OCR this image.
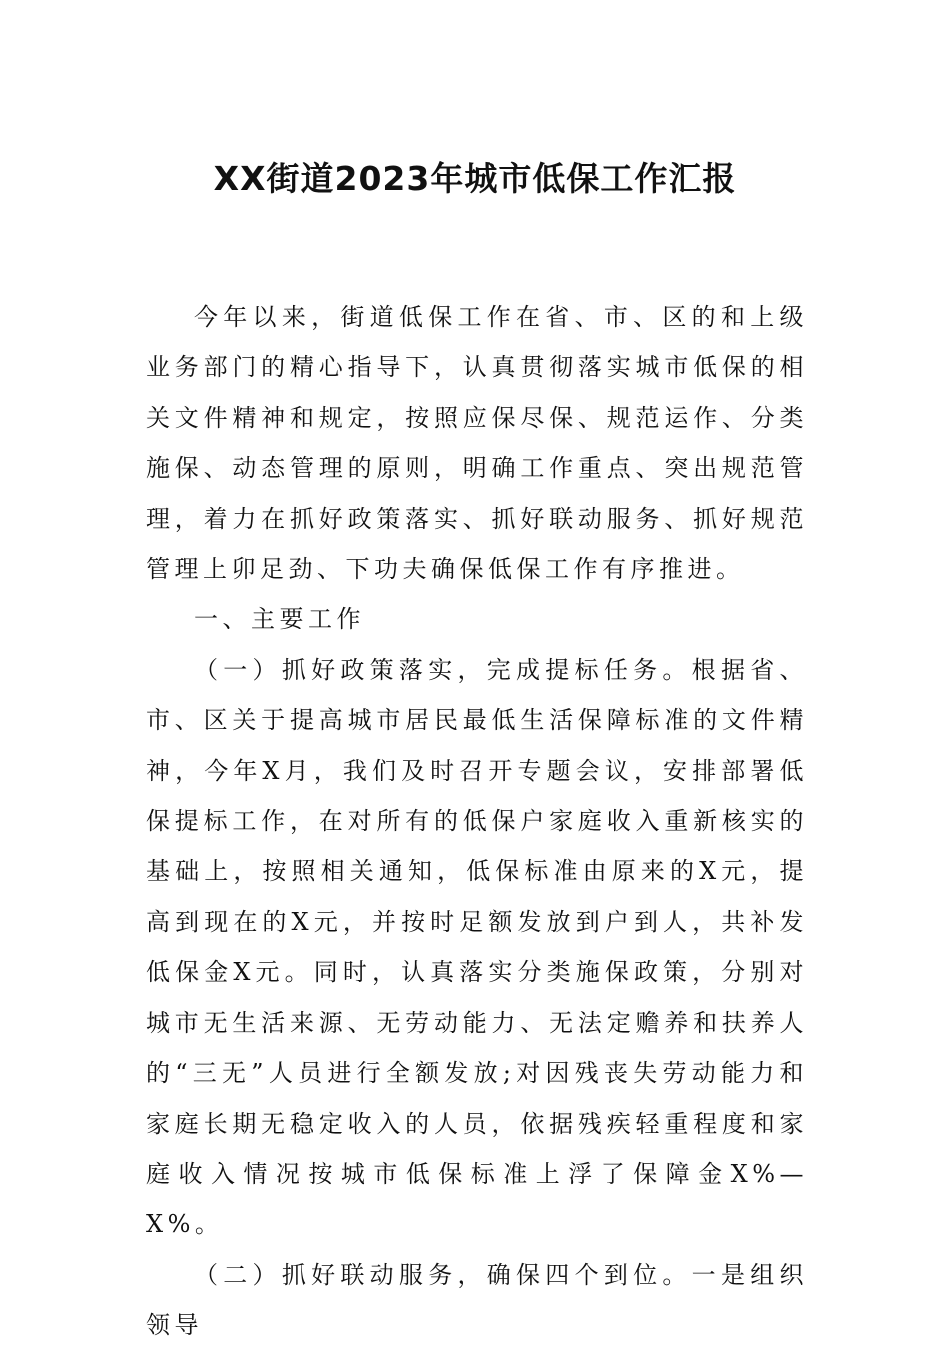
XX街道2023年城市低保工作汇报

今年以来，街道低保工作在省、市、区的和上级业务部门的精心指导下，认真贯彻落实城市低保的相关文件精神和规定，按照应保尽保、规范运作、分类施保、动态管理的原则，明确工作重点、突出规范管理，着力在抓好政策落实、抓好联动服务、抓好规范管理上卯足劲、下功夫确保低保工作有序推进。

一、主要工作

（一）抓好政策落实，完成提标任务。根据省、市、区关于提高城市居民最低生活保障标准的文件精神，今年X月，我们及时召开专题会议，安排部署低保提标工作，在对所有的低保户家庭收入重新核实的基础上，按照相关通知，低保标准由原来的X元，提高到现在的X元，并按时足额发放到户到人，共补发低保金X元。同时，认真落实分类施保政策，分别对城市无生活来源、无劳动能力、无法定赡养和扶养人的“三无”人员进行全额发放;对因残丧失劳动能力和家庭长期无稳定收入的人员，依据残疾轻重程度和家庭收入情况按城市低保标准上浮了保障金X%—X%。

（二）抓好联动服务，确保四个到位。一是组织领导
